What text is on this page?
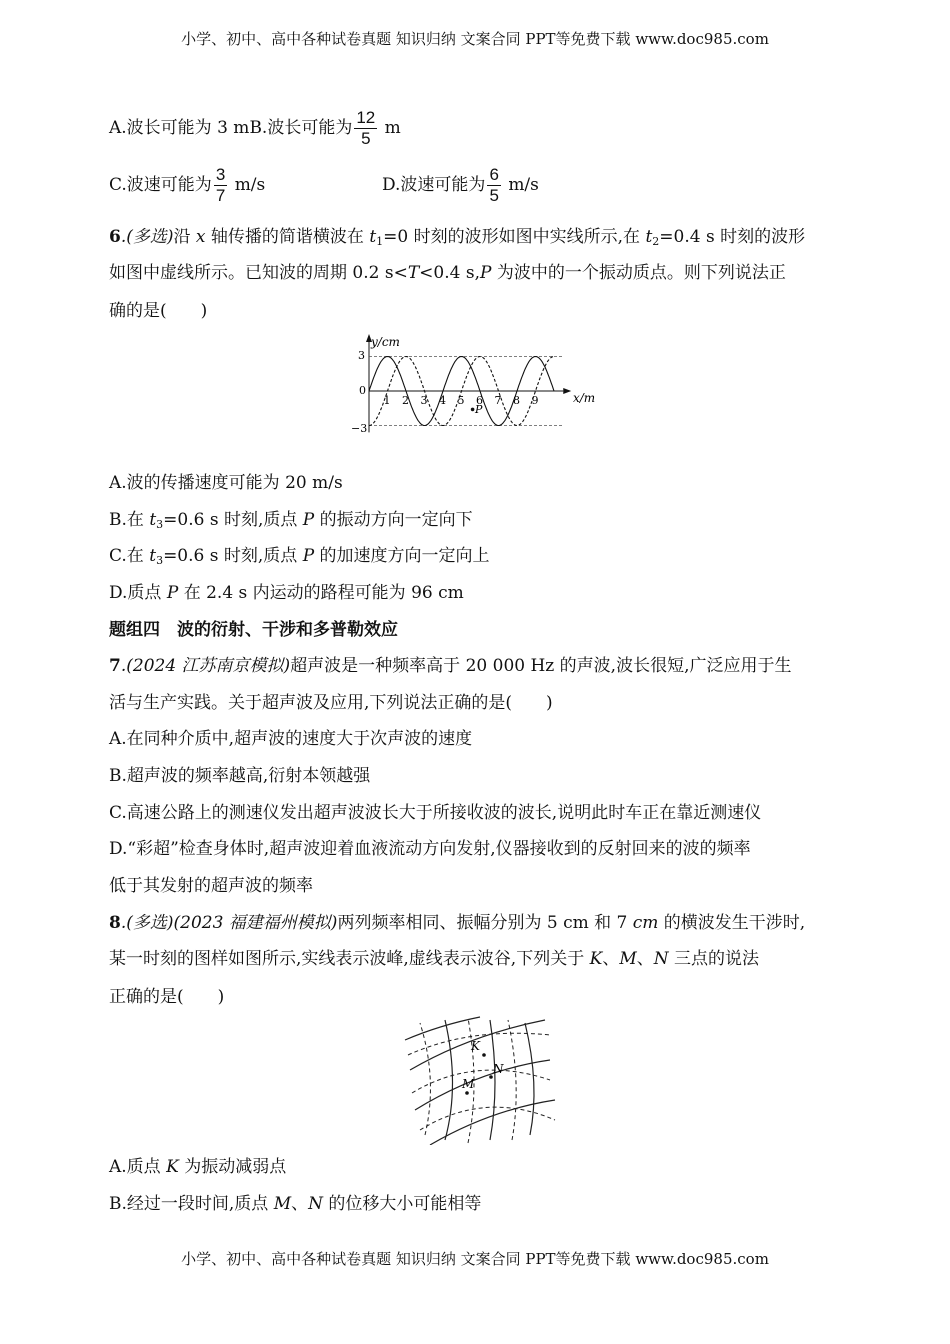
小学、初中、高中各种试卷真题 知识归纳 文案合同 PPT等免费下载 www.doc985.com
A.波长可能为 3 mB.波长可能为 $\frac{12}{5}$ m
C.波速可能为 $\frac{3}{7} m/s$	D.波速可能为 $\frac{6}{5} m/s$
6.(多选)沿 x 轴传播的简谐横波在 $t_1=0$ 时刻的波形如图中实线所示,在 $t_2=0.4$ s 时刻的波形
如图中虚线所示。已知波的周期 0.2 s<T<0.4 s,P 为波中的一个振动质点。则下列说法正
确的是(　　)
1 2 3 4 5 6 7 8 9
y/cm
x/m
3
−3
0
P
A.波的传播速度可能为 20 m/s
B.在 $t_3=0.6$ s 时刻,质点 P 的振动方向一定向下
C.在 $t_3=0.6$ s 时刻,质点 P 的加速度方向一定向上
D.质点 P 在 2.4 s 内运动的路程可能为 96 cm
题组四　波的衍射、干涉和多普勒效应
7.(2024 江苏南京模拟)超声波是一种频率高于 20 000 Hz 的声波,波长很短,广泛应用于生
活与生产实践。关于超声波及应用,下列说法正确的是(　　)
A.在同种介质中,超声波的速度大于次声波的速度
B.超声波的频率越高,衍射本领越强
C.高速公路上的测速仪发出超声波波长大于所接收波的波长,说明此时车正在靠近测速仪
D.“彩超”检查身体时,超声波迎着血液流动方向发射,仪器接收到的反射回来的波的频率
低于其发射的超声波的频率
8.(多选)(2023 福建福州模拟)两列频率相同、振幅分别为 5 cm 和 7 cm 的横波发生干涉时,
某一时刻的图样如图所示,实线表示波峰,虚线表示波谷,下列关于 K、M、N 三点的说法
正确的是(　　)
K
M
N
A.质点 K 为振动减弱点
B.经过一段时间,质点 M、N 的位移大小可能相等
小学、初中、高中各种试卷真题 知识归纳 文案合同 PPT等免费下载 www.doc985.com
